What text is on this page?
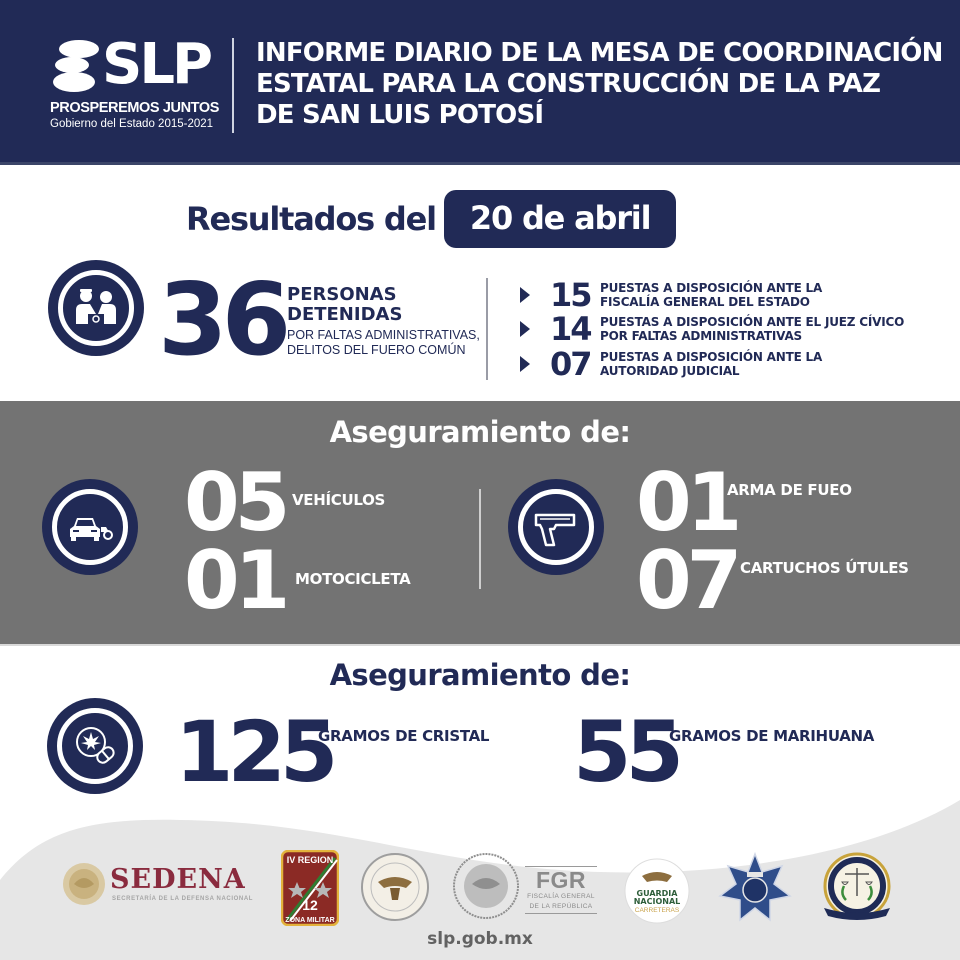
SLP
PROSPEREMOS JUNTOS
Gobierno del Estado 2015-2021
INFORME DIARIO DE LA MESA DE COORDINACIÓN
ESTATAL PARA LA CONSTRUCCIÓN DE LA PAZ
DE SAN LUIS POTOSÍ
Resultados del	20 de abril
36 PERSONAS
DETENIDAS
POR FALTAS ADMINISTRATIVAS, DELITOS DEL FUERO COMÚN
15 PUESTAS A DISPOSICIÓN ANTE LA
FISCALÍA GENERAL DEL ESTADO
14 PUESTAS A DISPOSICIÓN ANTE EL JUEZ CÍVICO
POR FALTAS ADMINISTRATIVAS
07 PUESTAS A DISPOSICIÓN ANTE LA
AUTORIDAD JUDICIAL
Aseguramiento de:
05 VEHÍCULOS
01 MOTOCICLETA
01
ARMA DE FUEO
07 CARTUCHOS ÚTULES
Aseguramiento de:
125
GRAMOS DE CRISTAL 55
GRAMOS DE MARIHUANA
SEDENA
SECRETARÍA DE LA DEFENSA NACIONAL
IV REGION
12
ZONA MILITAR
FGR
FISCALÍA GENERAL
DE LA REPÚBLICA
GUARDIA
NACIONAL
CARRETERAS
slp.gob.mx
